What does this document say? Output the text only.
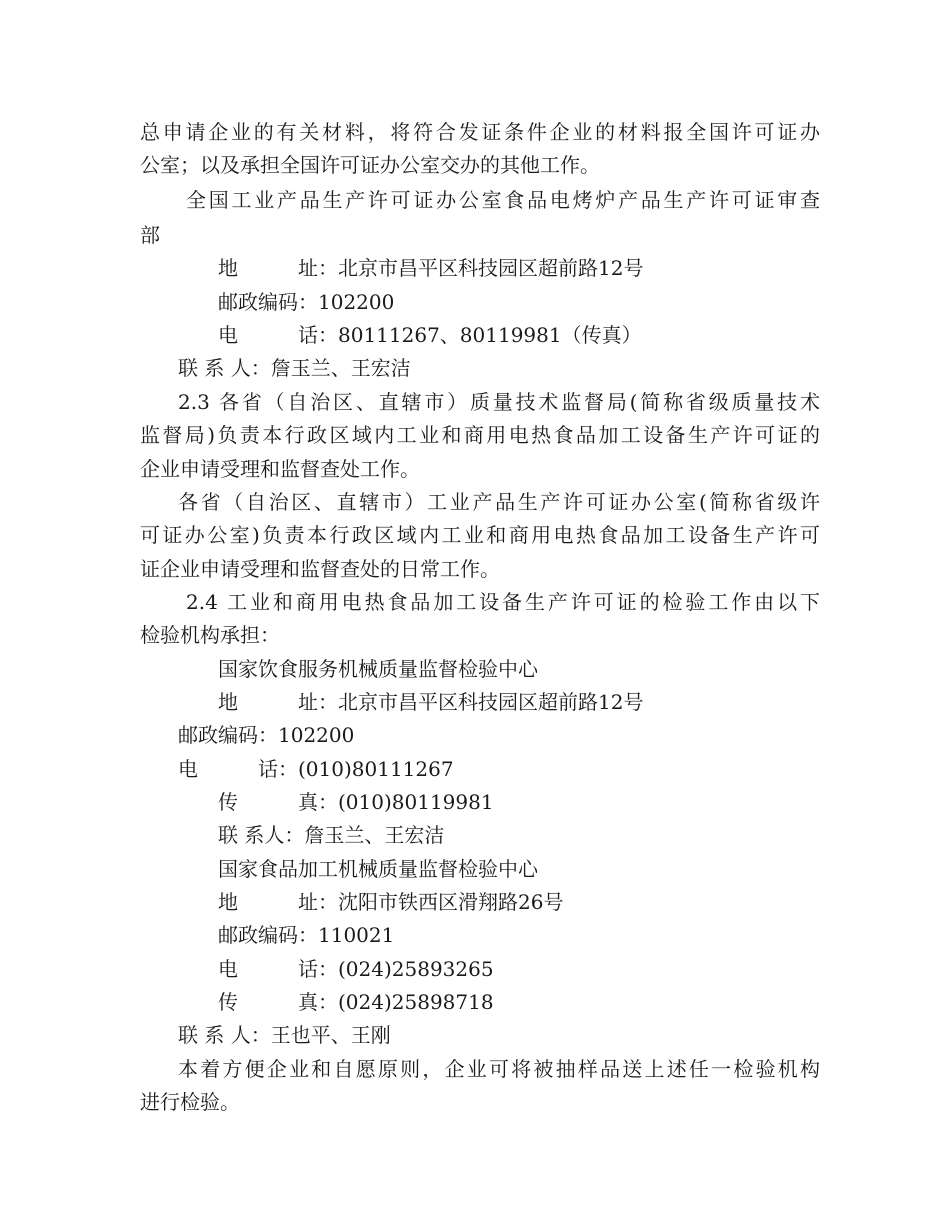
总申请企业的有关材料，将符合发证条件企业的材料报全国许可证办
公室；以及承担全国许可证办公室交办的其他工作。
全国工业产品生产许可证办公室食品电烤炉产品生产许可证审查
部
地　　　址：北京市昌平区科技园区超前路12号
邮政编码：102200
电　　　话：80111267、80119981（传真）
联 系 人：詹玉兰、王宏洁
2.3 各省（自治区、直辖市）质量技术监督局(简称省级质量技术
监督局)负责本行政区域内工业和商用电热食品加工设备生产许可证的
企业申请受理和监督查处工作。
各省（自治区、直辖市）工业产品生产许可证办公室(简称省级许
可证办公室)负责本行政区域内工业和商用电热食品加工设备生产许可
证企业申请受理和监督查处的日常工作。
2.4 工业和商用电热食品加工设备生产许可证的检验工作由以下
检验机构承担：
国家饮食服务机械质量监督检验中心
地　　　址：北京市昌平区科技园区超前路12号
邮政编码：102200
电　　　话：(010)80111267
传　　　真：(010)80119981
联 系人：詹玉兰、王宏洁
国家食品加工机械质量监督检验中心
地　　　址：沈阳市铁西区滑翔路26号
邮政编码：110021
电　　　话：(024)25893265
传　　　真：(024)25898718
联 系 人：王也平、王刚
本着方便企业和自愿原则，企业可将被抽样品送上述任一检验机构
进行检验。
